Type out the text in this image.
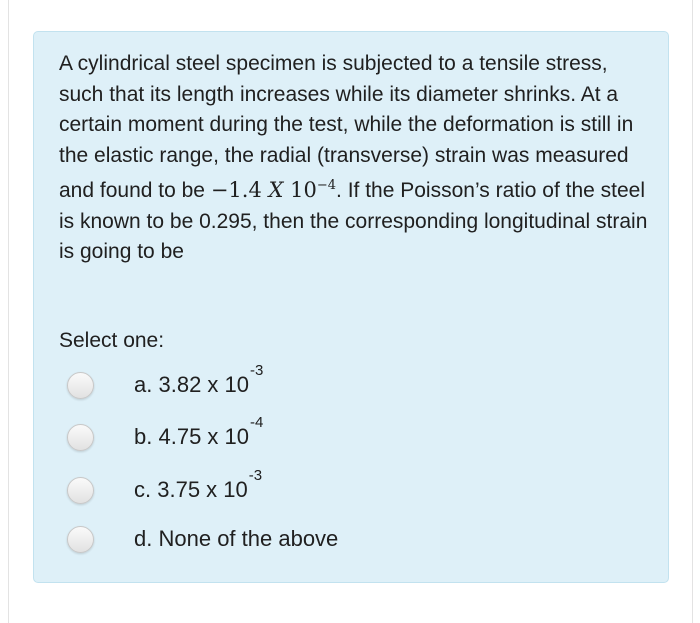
A cylindrical steel specimen is subjected to a tensile stress, such that its length increases while its diameter shrinks. At a certain moment during the test, while the deformation is still in the elastic range, the radial (transverse) strain was measured and found to be −1.4 X $10^{-4}$. If the Poisson’s ratio of the steel is known to be 0.295, then the corresponding longitudinal strain is going to be
Select one:
a. 3.82 x $10^{-3}$
b. 4.75 x $10^{-4}$
c. 3.75 x $10^{-3}$
d. None of the above
